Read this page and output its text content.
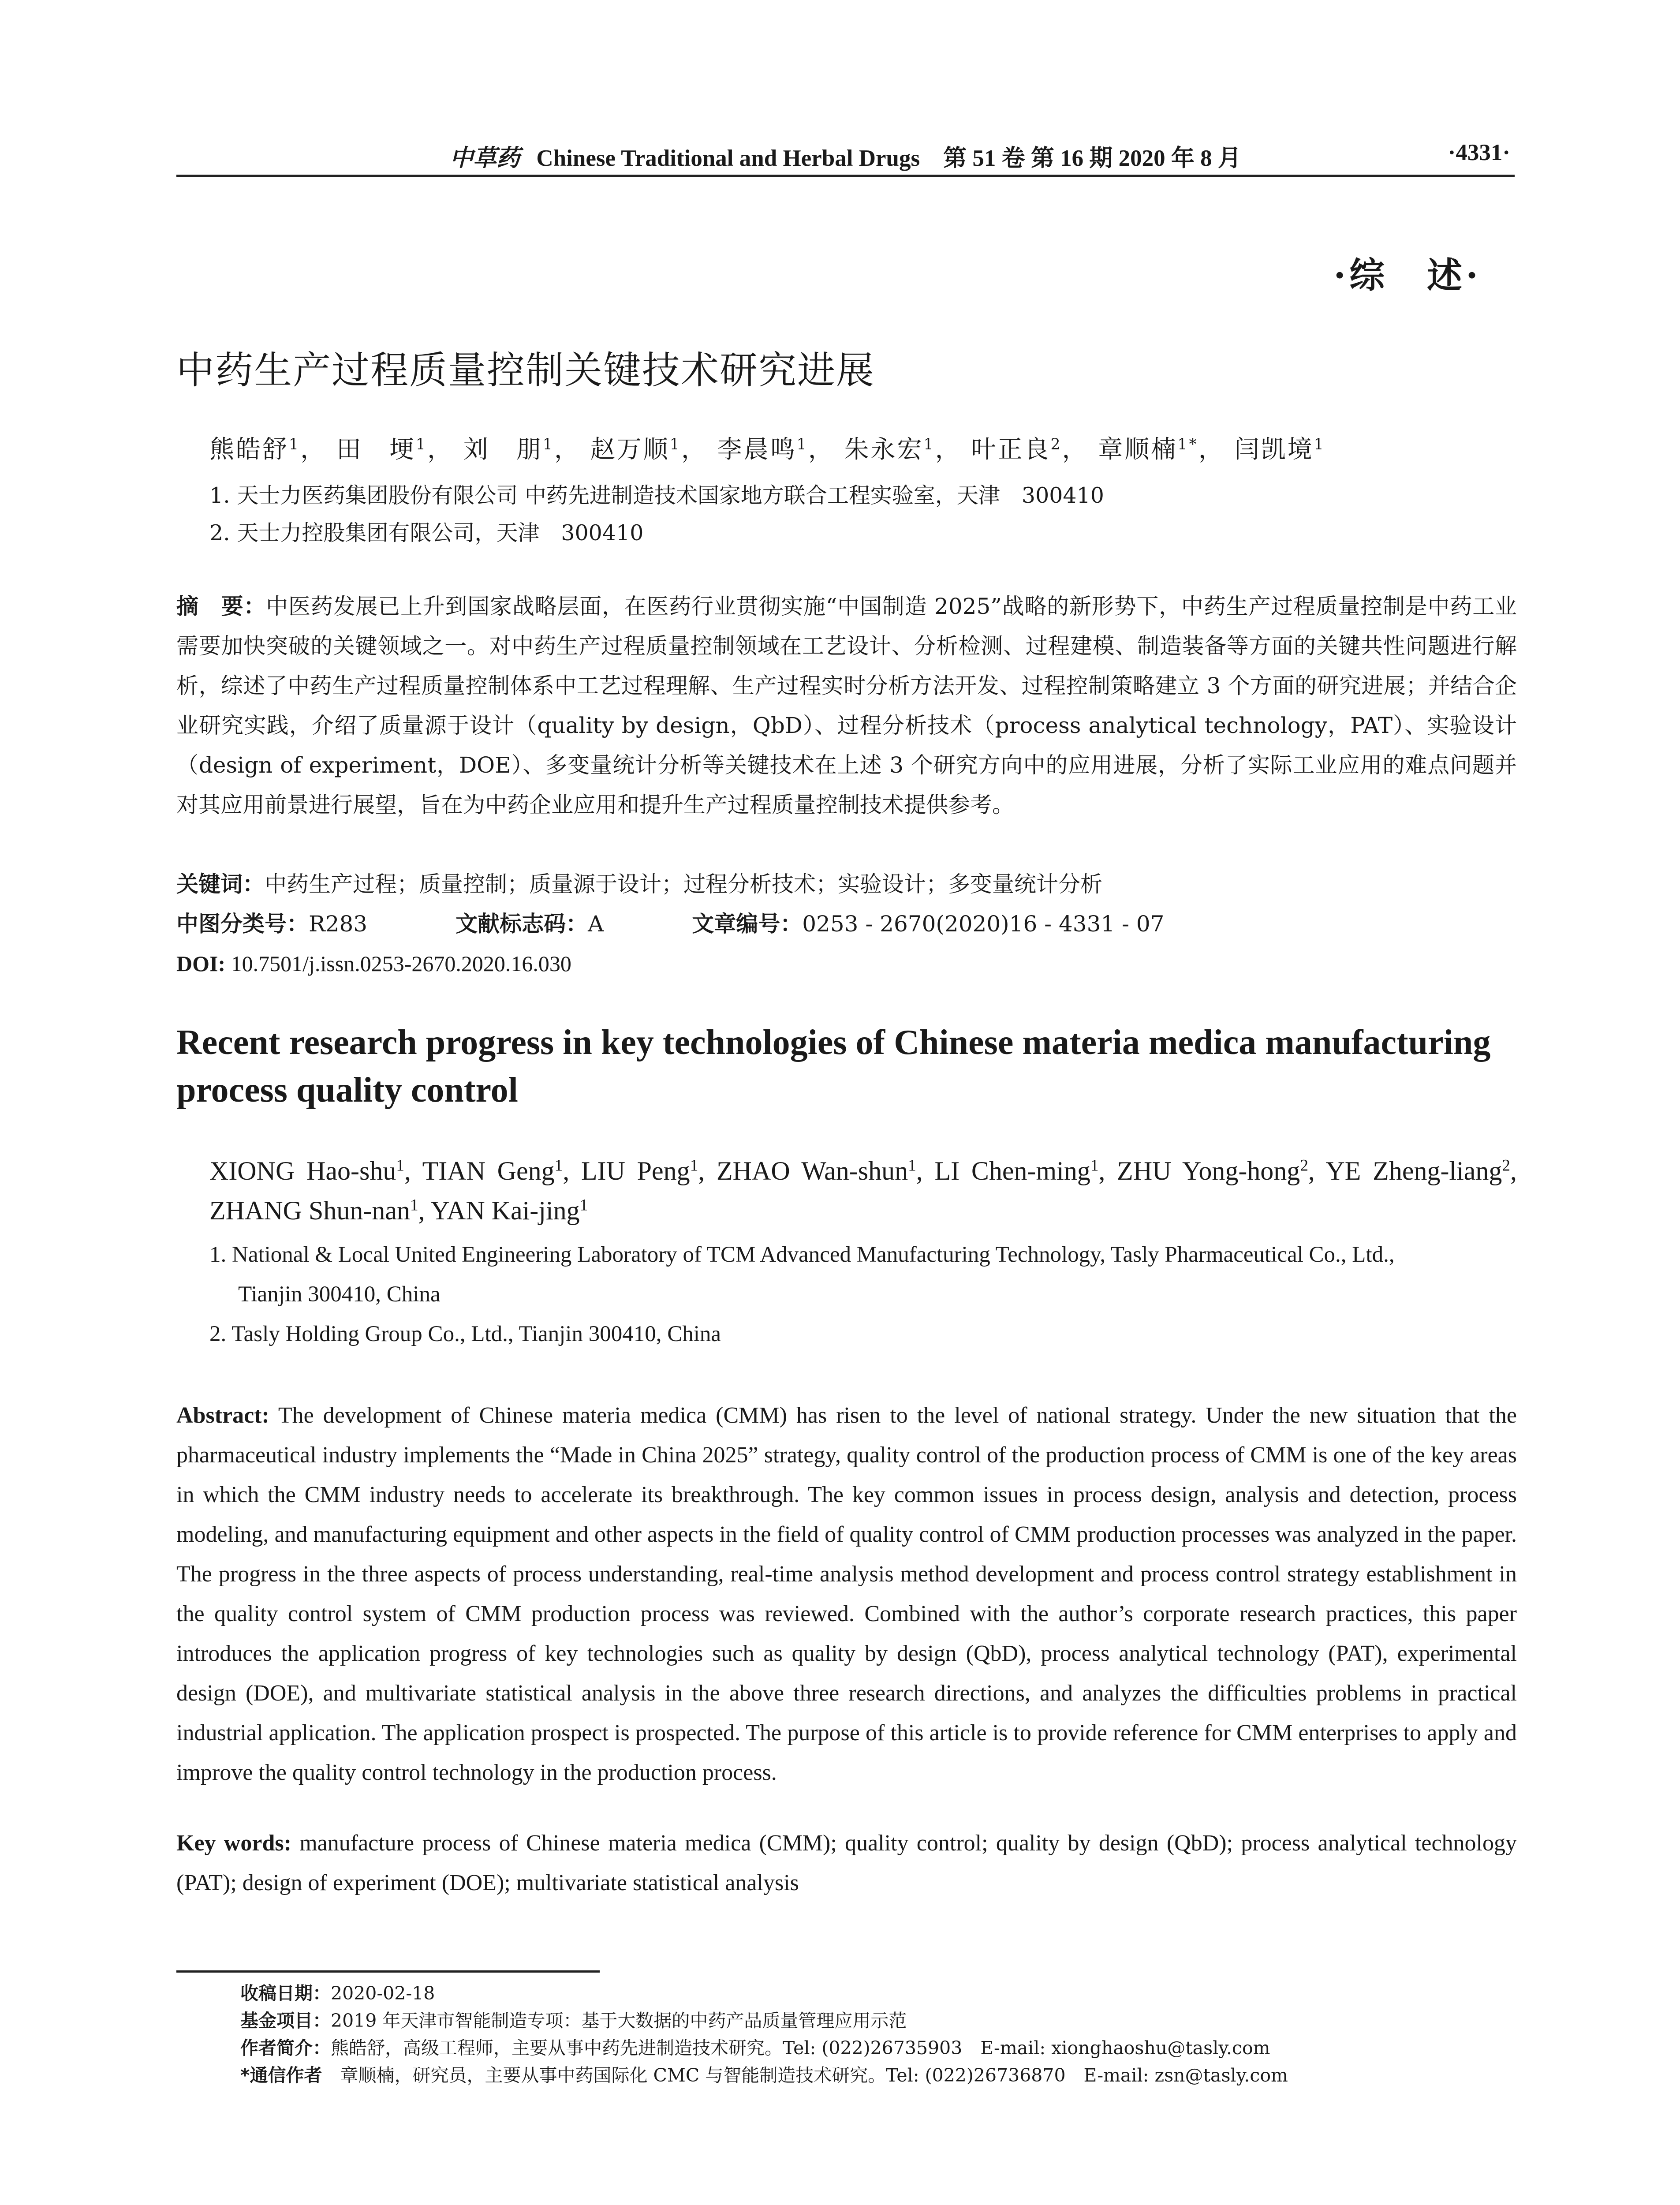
中草药 Chinese Traditional and Herbal Drugs 第 51 卷 第 16 期 2020 年 8 月	·4331·
·综　述·
中药生产过程质量控制关键技术研究进展
熊皓舒$^1$， 田　埂$^1$， 刘　朋$^1$， 赵万顺$^1$， 李晨鸣$^1$， 朱永宏$^1$， 叶正良$^2$， 章顺楠$^{1*}$， 闫凯境$^1$
1. 天士力医药集团股份有限公司 中药先进制造技术国家地方联合工程实验室，天津　300410
2. 天士力控股集团有限公司，天津　300410

摘　要：中医药发展已上升到国家战略层面，在医药行业贯彻实施“中国制造 2025”战略的新形势下，中药生产过程质量控制是中药工业需要加快突破的关键领域之一。对中药生产过程质量控制领域在工艺设计、分析检测、过程建模、制造装备等方面的关键共性问题进行解析，综述了中药生产过程质量控制体系中工艺过程理解、生产过程实时分析方法开发、过程控制策略建立 3 个方面的研究进展；并结合企业研究实践，介绍了质量源于设计（quality by design，QbD）、过程分析技术（process analytical technology，PAT）、实验设计（design of experiment，DOE）、多变量统计分析等关键技术在上述 3 个研究方向中的应用进展，分析了实际工业应用的难点问题并对其应用前景进行展望，旨在为中药企业应用和提升生产过程质量控制技术提供参考。

关键词：中药生产过程；质量控制；质量源于设计；过程分析技术；实验设计；多变量统计分析
中图分类号：R283	文献标志码：A	文章编号：0253 - 2670(2020)16 - 4331 - 07
DOI: 10.7501/j.issn.0253-2670.2020.16.030
Recent research progress in key technologies of Chinese materia medica manufacturing process quality control

XIONG Hao-shu$^1$, TIAN Geng$^1$, LIU Peng$^1$, ZHAO Wan-shun$^1$, LI Chen-ming$^1$, ZHU Yong-hong$^2$, YE Zheng-liang$^2$, ZHANG Shun-nan$^1$, YAN Kai-jing$^1$

1. National & Local United Engineering Laboratory of TCM Advanced Manufacturing Technology, Tasly Pharmaceutical Co., Ltd.,
Tianjin 300410, China

2. Tasly Holding Group Co., Ltd., Tianjin 300410, China

Abstract: The development of Chinese materia medica (CMM) has risen to the level of national strategy. Under the new situation that the pharmaceutical industry implements the “Made in China 2025” strategy, quality control of the production process of CMM is one of the key areas in which the CMM industry needs to accelerate its breakthrough. The key common issues in process design, analysis and detection, process modeling, and manufacturing equipment and other aspects in the field of quality control of CMM production processes was analyzed in the paper. The progress in the three aspects of process understanding, real-time analysis method development and process control strategy establishment in the quality control system of CMM production process was reviewed. Combined with the author’s corporate research practices, this paper introduces the application progress of key technologies such as quality by design (QbD), process analytical technology (PAT), experimental design (DOE), and multivariate statistical analysis in the above three research directions, and analyzes the difficulties problems in practical industrial application. The application prospect is prospected. The purpose of this article is to provide reference for CMM enterprises to apply and improve the quality control technology in the production process.

Key words: manufacture process of Chinese materia medica (CMM); quality control; quality by design (QbD); process analytical technology (PAT); design of experiment (DOE); multivariate statistical analysis

收稿日期：2020-02-18
基金项目：2019 年天津市智能制造专项：基于大数据的中药产品质量管理应用示范
作者简介：熊皓舒，高级工程师，主要从事中药先进制造技术研究。Tel: (022)26735903　E-mail: xionghaoshu@tasly.com
*通信作者　章顺楠，研究员，主要从事中药国际化 CMC 与智能制造技术研究。Tel: (022)26736870　E-mail: zsn@tasly.com
